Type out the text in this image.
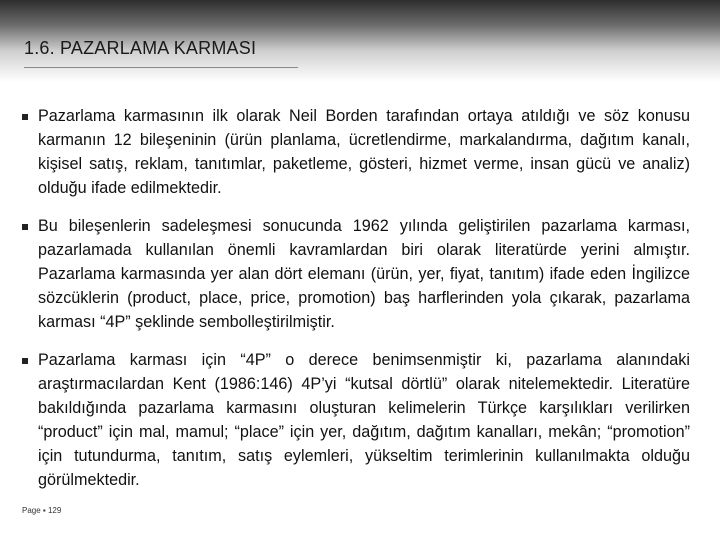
1.6. PAZARLAMA KARMASI

Pazarlama karmasının ilk olarak Neil Borden tarafından ortaya atıldığı ve söz konusu karmanın 12 bileşeninin (ürün planlama, ücretlendirme, markalandırma, dağıtım kanalı, kişisel satış, reklam, tanıtımlar, paketleme, gösteri, hizmet verme, insan gücü ve analiz) olduğu ifade edilmektedir.

Bu bileşenlerin sadeleşmesi sonucunda 1962 yılında geliştirilen pazarlama karması, pazarlamada kullanılan önemli kavramlardan biri olarak literatürde yerini almıştır. Pazarlama karmasında yer alan dört elemanı (ürün, yer, fiyat, tanıtım) ifade eden İngilizce sözcüklerin (product, place, price, promotion) baş harflerinden yola çıkarak, pazarlama karması “4P” şeklinde sembolleştirilmiştir.

Pazarlama karması için “4P” o derece benimsenmiştir ki, pazarlama alanındaki araştırmacılardan Kent (1986:146) 4P’yi “kutsal dörtlü” olarak nitelemektedir. Literatüre bakıldığında pazarlama karmasını oluşturan kelimelerin Türkçe karşılıkları verilirken “product” için mal, mamul; “place” için yer, dağıtım, dağıtım kanalları, mekân; “promotion” için tutundurma, tanıtım, satış eylemleri, yükseltim terimlerinin kullanılmakta olduğu görülmektedir.

Page ▪ 129
